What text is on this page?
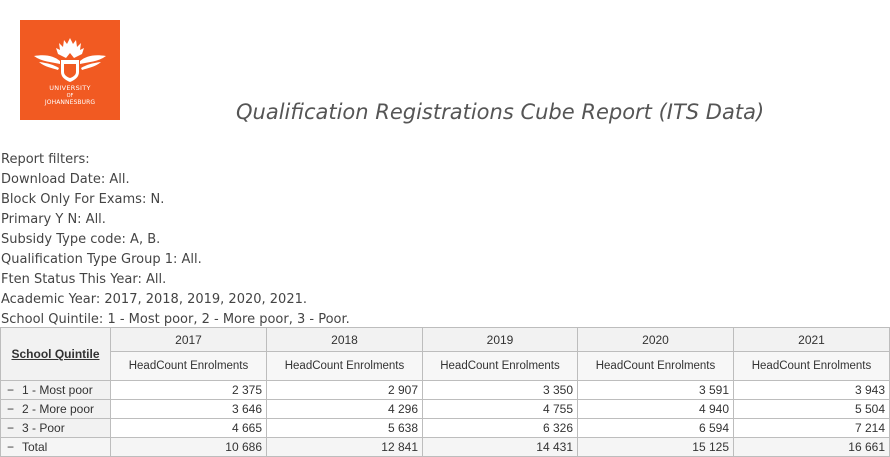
UNIVERSITY
OF
JOHANNESBURG	Qualification Registrations Cube Report (ITS Data)
Report filters:
Download Date: All.
Block Only For Exams: N.
Primary Y N: All.
Subsidy Type code: A, B.
Qualification Type Group 1: All.
Ften Status This Year: All.
Academic Year: 2017, 2018, 2019, 2020, 2021.
School Quintile: 1 - Most poor, 2 - More poor, 3 - Poor.
School Quintile	2017	2018	2019	2020	2021
	HeadCount Enrolments	HeadCount Enrolments	HeadCount Enrolments	HeadCount Enrolments	HeadCount Enrolments
− 1 - Most poor	2 375	2 907	3 350	3 591	3 943
− 2 - More poor	3 646	4 296	4 755	4 940	5 504
− 3 - Poor	4 665	5 638	6 326	6 594	7 214
− Total	10 686	12 841	14 431	15 125	16 661
